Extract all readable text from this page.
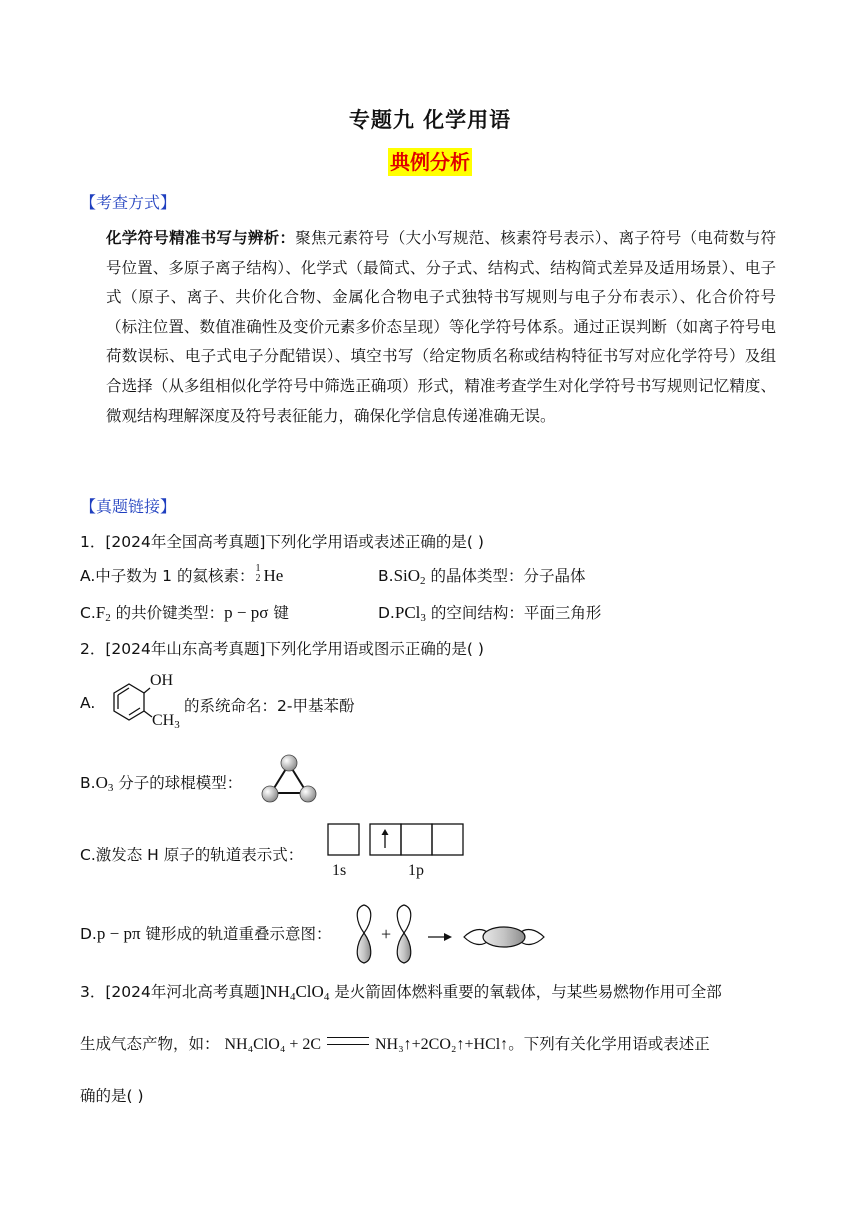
专题九 化学用语
典例分析
【考查方式】
化学符号精准书写与辨析：聚焦元素符号（大小写规范、核素符号表示）、离子符号（电荷数与符号位置、多原子离子结构）、化学式（最简式、分子式、结构式、结构简式差异及适用场景）、电子式（原子、离子、共价化合物、金属化合物电子式独特书写规则与电子分布表示）、化合价符号（标注位置、数值准确性及变价元素多价态呈现）等化学符号体系。通过正误判断（如离子符号电荷数误标、电子式电子分配错误）、填空书写（给定物质名称或结构特征书写对应化学符号）及组合选择（从多组相似化学符号中筛选正确项）形式，精准考查学生对化学符号书写规则记忆精度、微观结构理解深度及符号表征能力，确保化学信息传递准确无误。
【真题链接】
1．[2024年全国高考真题]下列化学用语或表述正确的是( )
A.中子数为 1 的氦核素： 1
2 He	B.SiO$_2$ 的晶体类型：分子晶体
$C.F_2$ 的共价键类型：p − pσ 键	D.PCl$_3$ 的空间结构：平面三角形
2．[2024年山东高考真题]下列化学用语或图示正确的是( )
A.
OH
$CH_3$
的系统命名：2-甲基苯酚
$B.O_3$ 分子的球棍模型：
C.激发态 H 原子的轨道表示式：
1s	1p
D.p − pπ 键形成的轨道重叠示意图：	+
3．[2024年河北高考真题]$NH_4ClO_4$ 是火箭固体燃料重要的氧载体，与某些易燃物作用可全部
生成气态产物，如： NH₄ClO₄ + 2C	NH₃↑+2CO₂↑+HCl↑。下列有关化学用语或表述正
确的是( )
